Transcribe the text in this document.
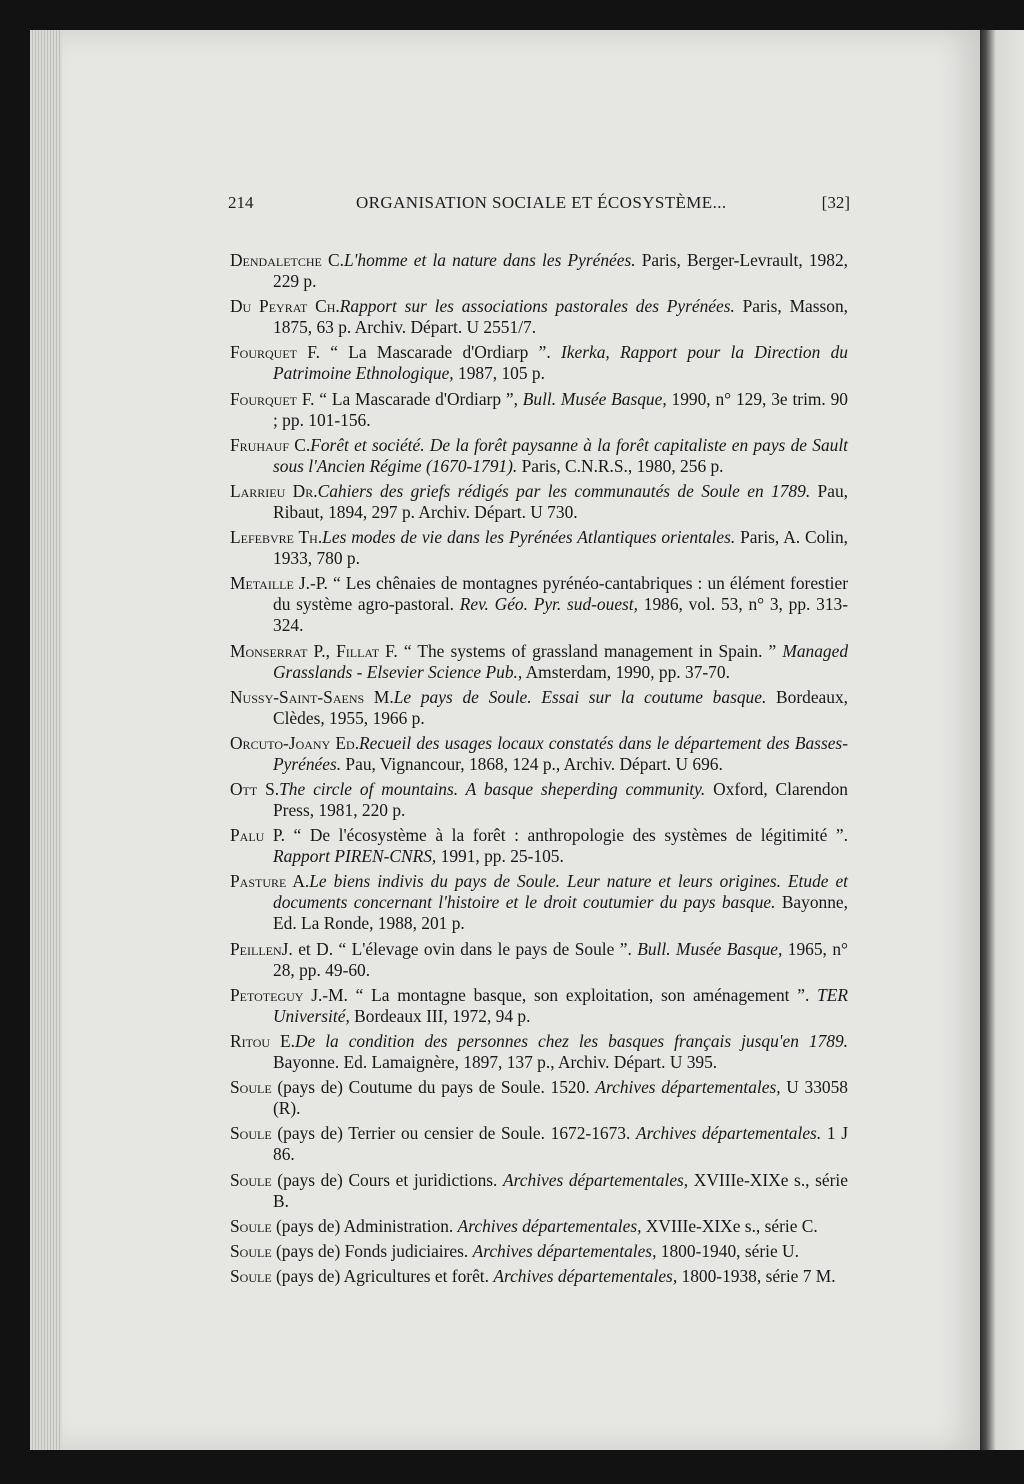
214	ORGANISATION SOCIALE ET ÉCOSYSTÈME...	[32]
Dendaletche C.L'homme et la nature dans les Pyrénées. Paris, Berger-Levrault, 1982, 229 p.
Du Peyrat Ch.Rapport sur les associations pastorales des Pyrénées. Paris, Masson, 1875, 63 p. Archiv. Départ. U 2551/7.
Fourquet F. “ La Mascarade d'Ordiarp ”. Ikerka, Rapport pour la Direction du Patrimoine Ethnologique, 1987, 105 p.
Fourquet F. “ La Mascarade d'Ordiarp ”, Bull. Musée Basque, 1990, n° 129, 3e trim. 90 ; pp. 101-156.
Fruhauf C.Forêt et société. De la forêt paysanne à la forêt capitaliste en pays de Sault sous l'Ancien Régime (1670-1791). Paris, C.N.R.S., 1980, 256 p.
Larrieu Dr.Cahiers des griefs rédigés par les communautés de Soule en 1789. Pau, Ribaut, 1894, 297 p. Archiv. Départ. U 730.
Lefebvre Th.Les modes de vie dans les Pyrénées Atlantiques orientales. Paris, A. Colin, 1933, 780 p.
Metaille J.-P. “ Les chênaies de montagnes pyrénéo-cantabriques : un élément forestier du système agro-pastoral. Rev. Géo. Pyr. sud-ouest, 1986, vol. 53, n° 3, pp. 313-324.
Monserrat P., Fillat F. “ The systems of grassland management in Spain. ” Managed Grasslands - Elsevier Science Pub., Amsterdam, 1990, pp. 37-70.
Nussy-Saint-Saens M.Le pays de Soule. Essai sur la coutume basque. Bordeaux, Clèdes, 1955, 1966 p.
Orcuto-Joany Ed.Recueil des usages locaux constatés dans le département des Basses-Pyrénées. Pau, Vignancour, 1868, 124 p., Archiv. Départ. U 696.
Ott S.The circle of mountains. A basque sheperding community. Oxford, Clarendon Press, 1981, 220 p.
Palu P. “ De l'écosystème à la forêt : anthropologie des systèmes de légitimité ”. Rapport PIREN-CNRS, 1991, pp. 25-105.
Pasture A.Le biens indivis du pays de Soule. Leur nature et leurs origines. Etude et documents concernant l'histoire et le droit coutumier du pays basque. Bayonne, Ed. La Ronde, 1988, 201 p.
PeillenJ. et D. “ L'élevage ovin dans le pays de Soule ”. Bull. Musée Basque, 1965, n° 28, pp. 49-60.
Petoteguy J.-M. “ La montagne basque, son exploitation, son aménagement ”. TER Université, Bordeaux III, 1972, 94 p.
Ritou E.De la condition des personnes chez les basques français jusqu'en 1789. Bayonne. Ed. Lamaignère, 1897, 137 p., Archiv. Départ. U 395.
Soule (pays de) Coutume du pays de Soule. 1520. Archives départementales, U 33058 (R).
Soule (pays de) Terrier ou censier de Soule. 1672-1673. Archives départementales. 1 J 86.
Soule (pays de) Cours et juridictions. Archives départementales, XVIIIe-XIXe s., série B.
Soule (pays de) Administration. Archives départementales, XVIIIe-XIXe s., série C.
Soule (pays de) Fonds judiciaires. Archives départementales, 1800-1940, série U.
Soule (pays de) Agricultures et forêt. Archives départementales, 1800-1938, série 7 M.
